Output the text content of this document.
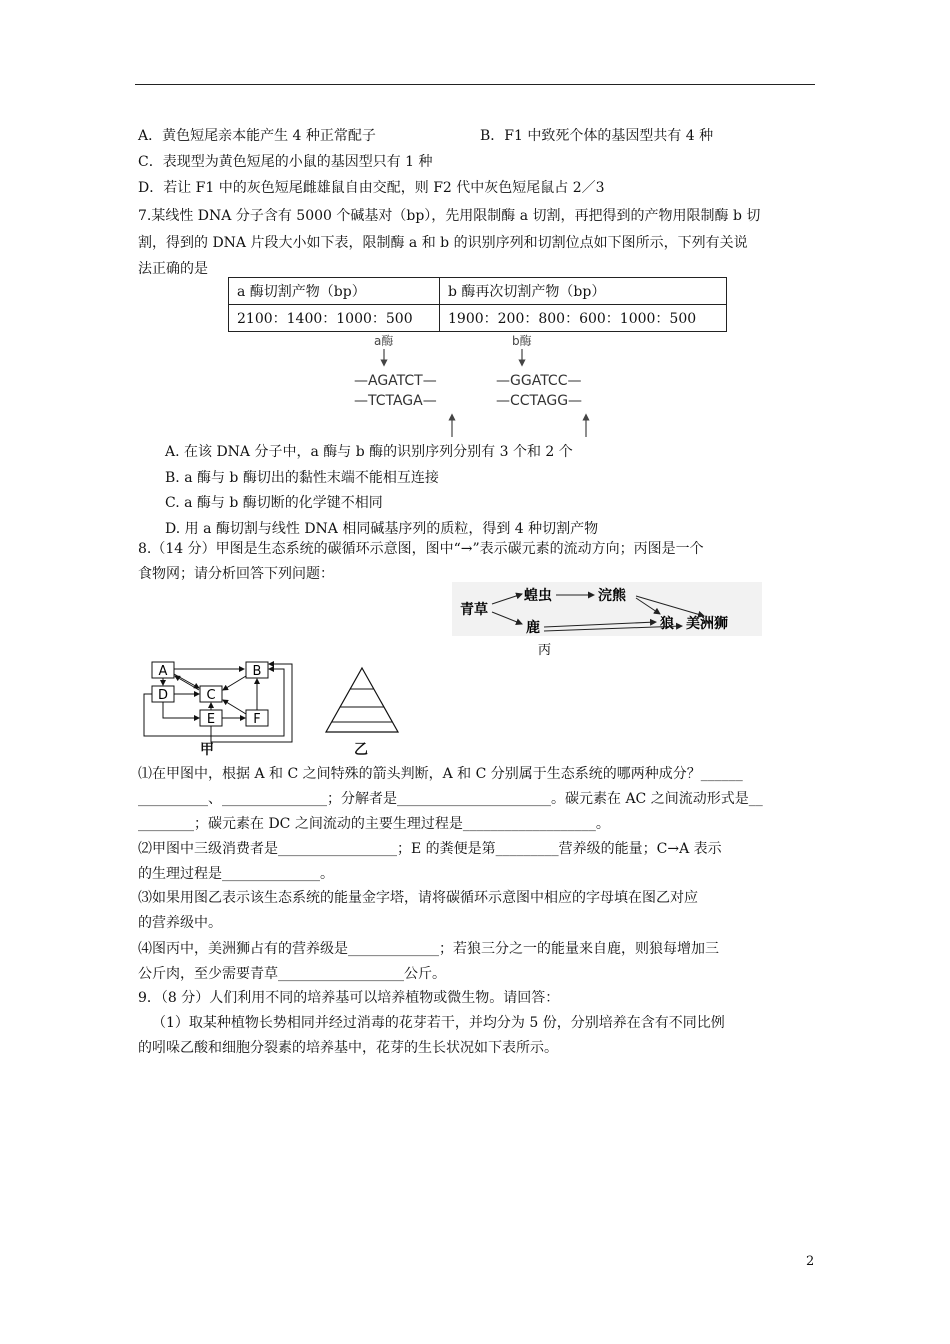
A．黄色短尾亲本能产生 4 种正常配子	B．F1 中致死个体的基因型共有 4 种
C．表现型为黄色短尾的小鼠的基因型只有 1 种
D．若让 F1 中的灰色短尾雌雄鼠自由交配，则 F2 代中灰色短尾鼠占 2／3
7.某线性 DNA 分子含有 5000 个碱基对（bp），先用限制酶 a 切割，再把得到的产物用限制酶 b 切
割，得到的 DNA 片段大小如下表，限制酶 a 和 b 的识别序列和切割位点如下图所示，下列有关说
法正确的是
a 酶切割产物（bp）	b 酶再次切割产物（bp）
2100：1400：1000：500	1900：200：800：600：1000：500
a酶
—AGATCT—
—TCTAGA—
b酶
—GGATCC—
—CCTAGG—
A. 在该 DNA 分子中，a 酶与 b 酶的识别序列分别有 3 个和 2 个
B. a 酶与 b 酶切出的黏性末端不能相互连接
C. a 酶与 b 酶切断的化学键不相同
D. 用 a 酶切割与线性 DNA 相同碱基序列的质粒，得到 4 种切割产物
8.（14 分）甲图是生态系统的碳循环示意图，图中“→”表示碳元素的流动方向；丙图是一个
食物网；请分析回答下列问题：
青草
蝗虫	浣熊
鹿	狼 美洲狮
丙
A	B
D	C
E	F
甲	乙
⑴在甲图中，根据 A 和 C 之间特殊的箭头判断，A 和 C 分别属于生态系统的哪两种成分？______
__________、_______________；分解者是______________________。碳元素在 AC 之间流动形式是__
________；碳元素在 DC 之间流动的主要生理过程是___________________。
⑵甲图中三级消费者是_________________；E 的粪便是第_________营养级的能量；C→A 表示
的生理过程是______________。
⑶如果用图乙表示该生态系统的能量金字塔，请将碳循环示意图中相应的字母填在图乙对应
的营养级中。
⑷图丙中，美洲狮占有的营养级是_____________；若狼三分之一的能量来自鹿，则狼每增加三
公斤肉，至少需要青草__________________公斤。
9．（8 分）人们利用不同的培养基可以培养植物或微生物。请回答：
（1）取某种植物长势相同并经过消毒的花芽若干，并均分为 5 份，分别培养在含有不同比例
的吲哚乙酸和细胞分裂素的培养基中，花芽的生长状况如下表所示。
2
